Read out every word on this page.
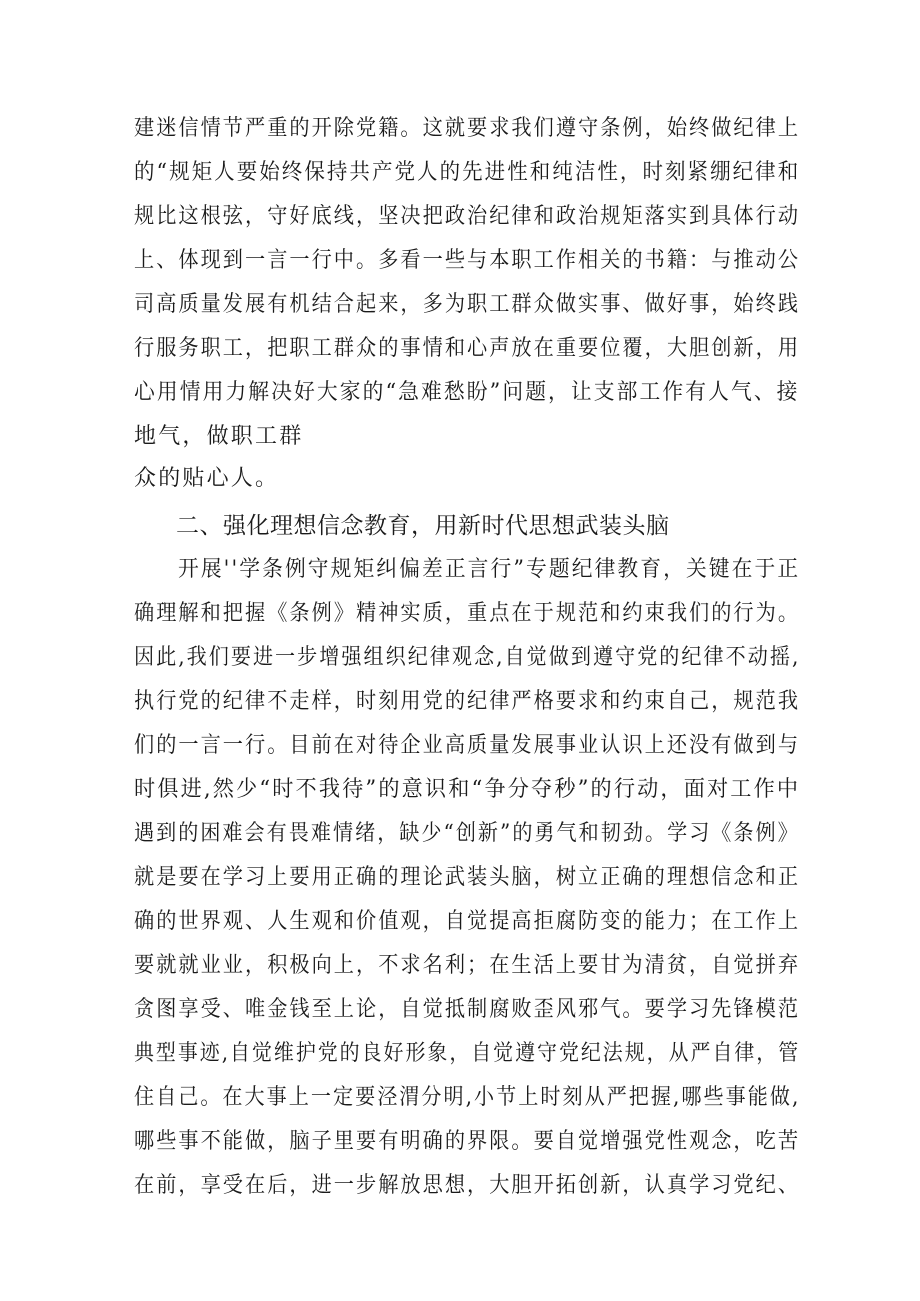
建迷信情节严重的开除党籍。这就要求我们遵守条例，始终做纪律上
的“规矩人要始终保持共产党人的先进性和纯洁性，时刻紧绷纪律和
规比这根弦，守好底线，坚决把政治纪律和政治规矩落实到具体行动
上、体现到一言一行中。多看一些与本职工作相关的书籍：与推动公
司高质量发展有机结合起来，多为职工群众做实事、做好事，始终践
行服务职工，把职工群众的事情和心声放在重要位覆，大胆创新，用
心用情用力解决好大家的“急难愁盼”问题，让支部工作有人气、接
地气，做职工群
众的贴心人。
二、强化理想信念教育，用新时代思想武装头脑
开展''学条例守规矩纠偏差正言行”专题纪律教育，关键在于正
确理解和把握《条例》精神实质，重点在于规范和约束我们的行为。
因此,我们要进一步增强组织纪律观念,自觉做到遵守党的纪律不动摇,
执行党的纪律不走样，时刻用党的纪律严格要求和约束自己，规范我
们的一言一行。目前在对待企业高质量发展事业认识上还没有做到与
时俱进,然少“时不我待”的意识和“争分夺秒”的行动，面对工作中
遇到的困难会有畏难情绪，缺少“创新”的勇气和韧劲。学习《条例》
就是要在学习上要用正确的理论武装头脑，树立正确的理想信念和正
确的世界观、人生观和价值观，自觉提高拒腐防变的能力；在工作上
要就就业业，积极向上，不求名利；在生活上要甘为清贫，自觉拼弃
贪图享受、唯金钱至上论，自觉抵制腐败歪风邪气。要学习先锋模范
典型事迹,自觉维护党的良好形象，自觉遵守党纪法规，从严自律，管
住自己。在大事上一定要泾渭分明,小节上时刻从严把握,哪些事能做,
哪些事不能做，脑子里要有明确的界限。要自觉增强党性观念，吃苦
在前，享受在后，进一步解放思想，大胆开拓创新，认真学习党纪、
